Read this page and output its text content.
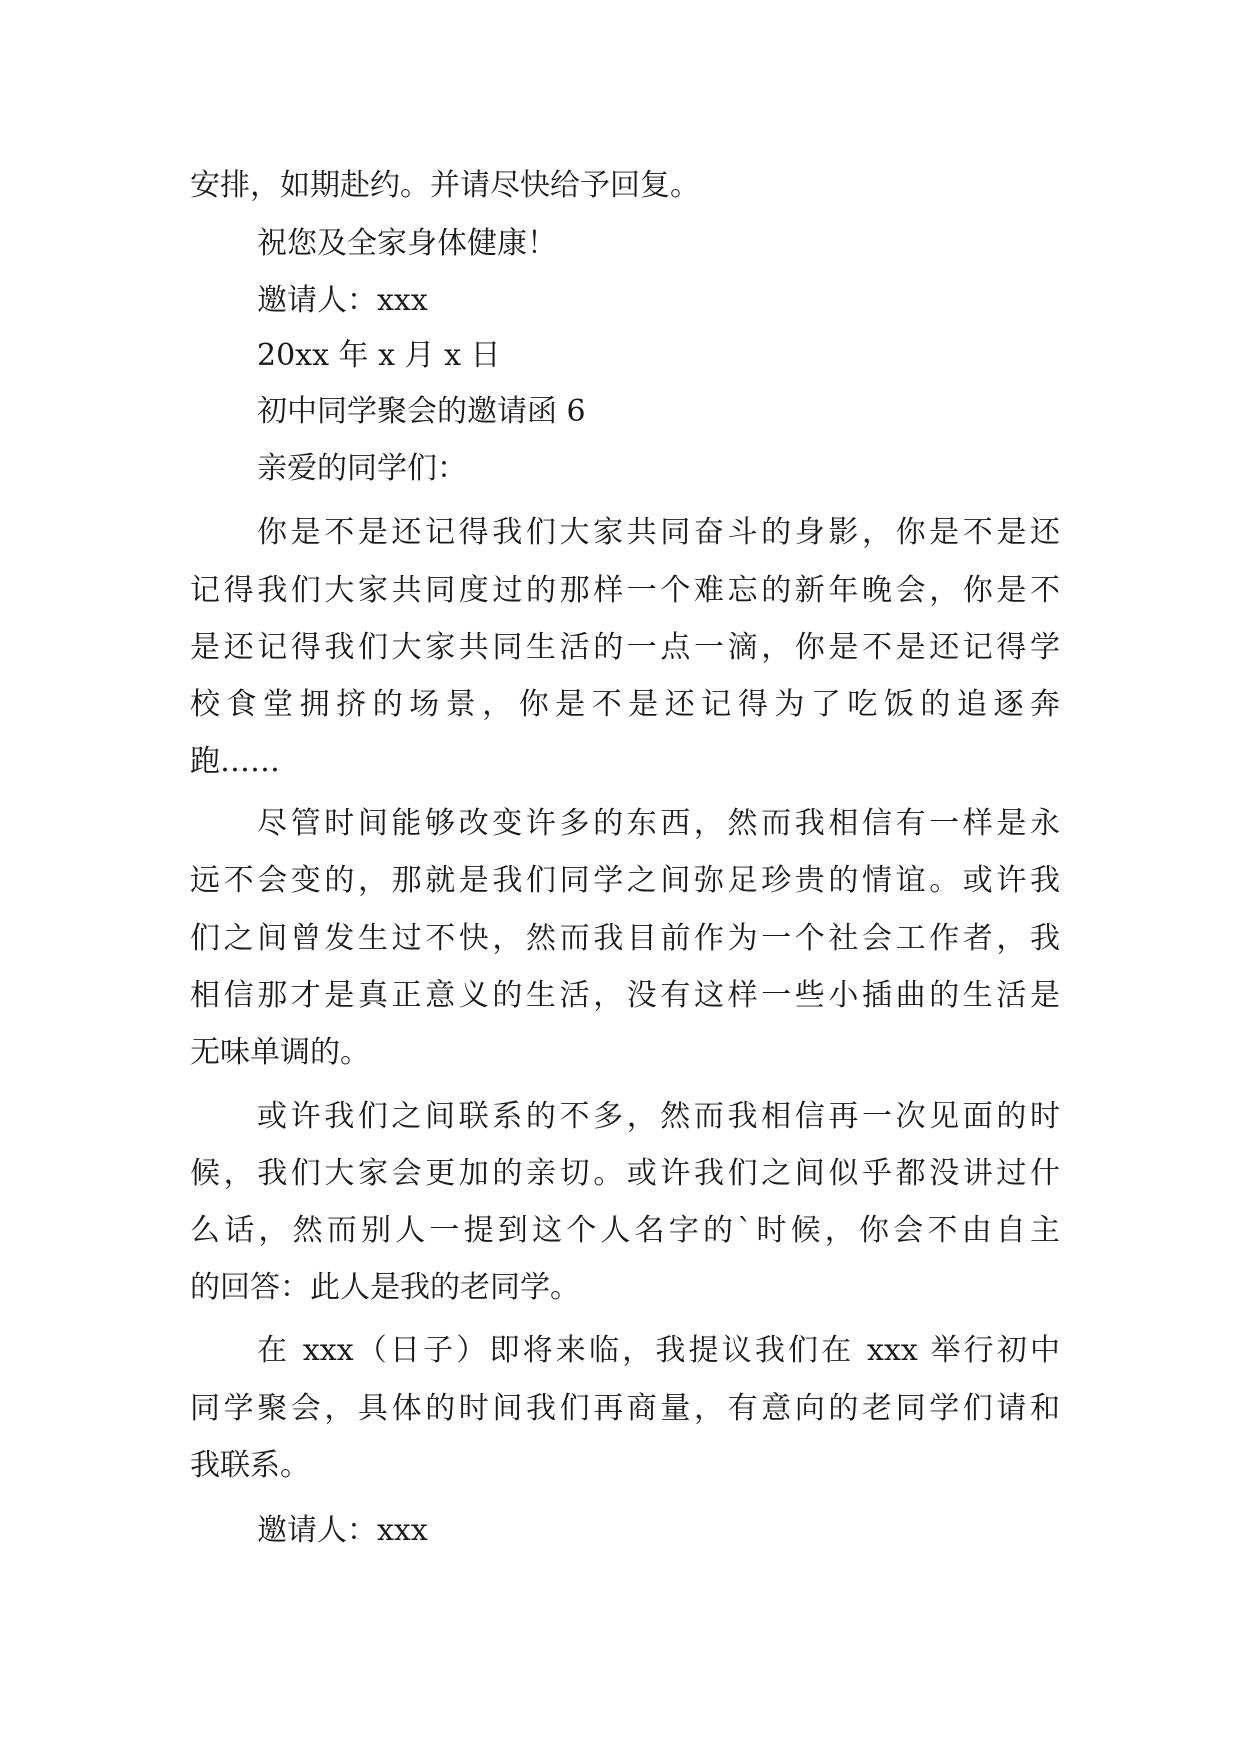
安排，如期赴约。并请尽快给予回复。
祝您及全家身体健康！
邀请人：xxx
20xx 年 x 月 x 日
初中同学聚会的邀请函 6
亲爱的同学们：
你是不是还记得我们大家共同奋斗的身影，你是不是还
记得我们大家共同度过的那样一个难忘的新年晚会，你是不
是还记得我们大家共同生活的一点一滴，你是不是还记得学
校食堂拥挤的场景，你是不是还记得为了吃饭的追逐奔
跑……
尽管时间能够改变许多的东西，然而我相信有一样是永
远不会变的，那就是我们同学之间弥足珍贵的情谊。或许我
们之间曾发生过不快，然而我目前作为一个社会工作者，我
相信那才是真正意义的生活，没有这样一些小插曲的生活是
无味单调的。
或许我们之间联系的不多，然而我相信再一次见面的时
候，我们大家会更加的亲切。或许我们之间似乎都没讲过什
么话，然而别人一提到这个人名字的`时候，你会不由自主
的回答：此人是我的老同学。
在 xxx（日子）即将来临，我提议我们在 xxx 举行初中
同学聚会，具体的时间我们再商量，有意向的老同学们请和
我联系。
邀请人：xxx
